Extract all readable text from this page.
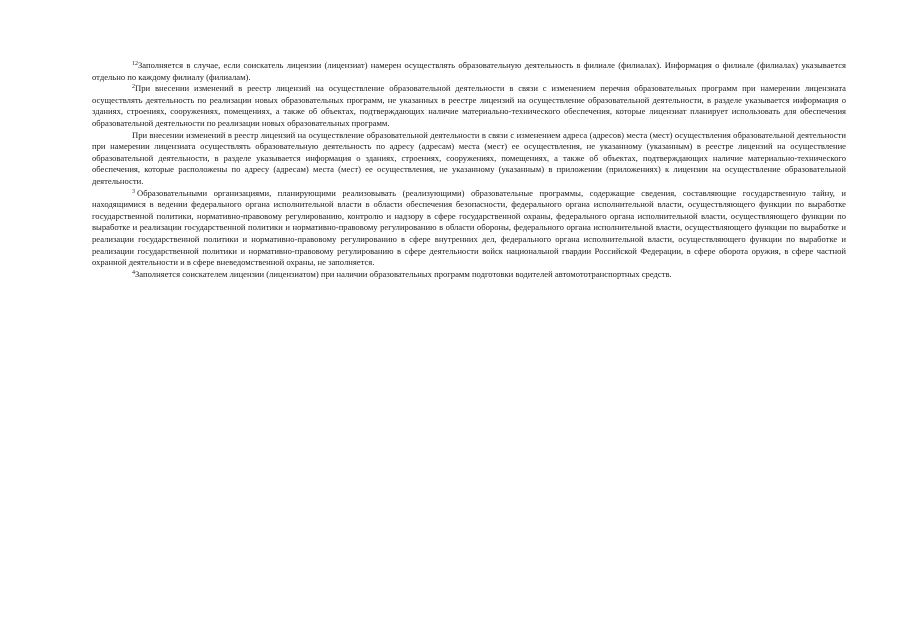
$^{12}$Заполняется в случае, если соискатель лицензии (лицензиат) намерен осуществлять образовательную деятельность в филиале (филиалах). Информация о филиале (филиалах) указывается отдельно по каждому филиалу (филиалам).

$^2$При внесении изменений в реестр лицензий на осуществление образовательной деятельности в связи с изменением перечня образовательных программ при намерении лицензиата осуществлять деятельность по реализации новых образовательных программ, не указанных в реестре лицензий на осуществление образовательной деятельности, в разделе указывается информация о зданиях, строениях, сооружениях, помещениях, а также об объектах, подтверждающих наличие материально-технического обеспечения, которые лицензиат планирует использовать для обеспечения образовательной деятельности по реализации новых образовательных программ.

При внесении изменений в реестр лицензий на осуществление образовательной деятельности в связи с изменением адреса (адресов) места (мест) осуществления образовательной деятельности при намерении лицензиата осуществлять образовательную деятельность по адресу (адресам) места (мест) ее осуществления, не указанному (указанным) в реестре лицензий на осуществление образовательной деятельности, в разделе указывается информация о зданиях, строениях, сооружениях, помещениях, а также об объектах, подтверждающих наличие материально-технического обеспечения, которые расположены по адресу (адресам) места (мест) ее осуществления, не указанному (указанным) в приложении (приложениях) к лицензии на осуществление образовательной деятельности.

$^3$ Образовательными организациями, планирующими реализовывать (реализующими) образовательные программы, содержащие сведения, составляющие государственную тайну, и находящимися в ведении федерального органа исполнительной власти в области обеспечения безопасности, федерального органа исполнительной власти, осуществляющего функции по выработке государственной политики, нормативно-правовому регулированию, контролю и надзору в сфере государственной охраны, федерального органа исполнительной власти, осуществляющего функции по выработке и реализации государственной политики и нормативно-правовому регулированию в области обороны, федерального органа исполнительной власти, осуществляющего функции по выработке и реализации государственной политики и нормативно-правовому регулированию в сфере внутренних дел, федерального органа исполнительной власти, осуществляющего функции по выработке и реализации государственной политики и нормативно-правовому регулированию в сфере деятельности войск национальной гвардии Российской Федерации, в сфере оборота оружия, в сфере частной охранной деятельности и в сфере вневедомственной охраны, не заполняется.

$^4$Заполняется соискателем лицензии (лицензиатом) при наличии образовательных программ подготовки водителей автомототранспортных средств.
